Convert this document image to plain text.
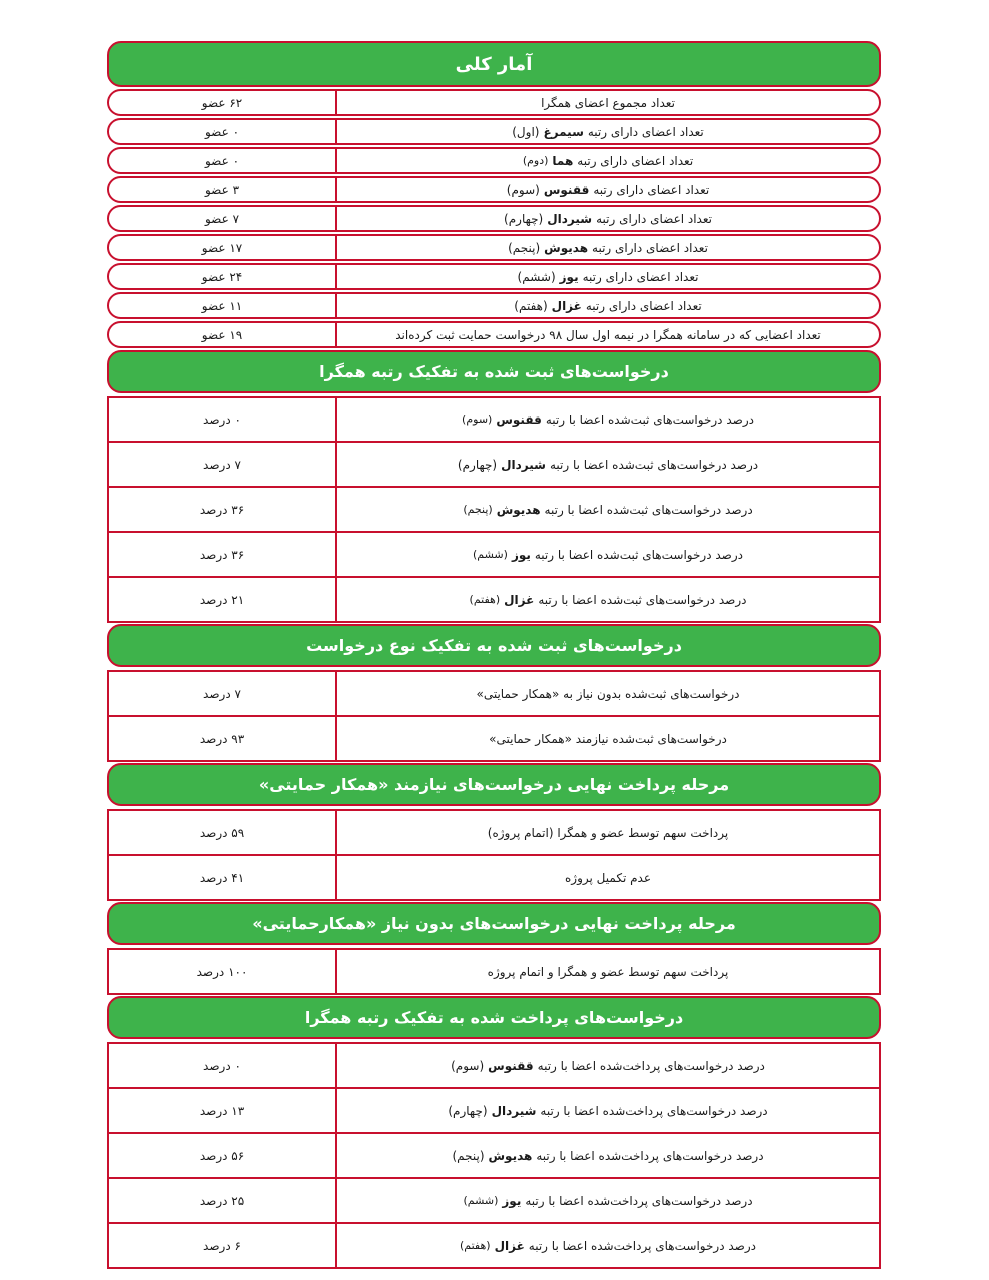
آمار کلی
تعداد مجموع اعضای همگرا
۶۲ عضو
تعداد اعضای دارای رتبه
سیمرغ
(اول)
۰ عضو
تعداد اعضای دارای رتبه
هما
(دوم)
۰ عضو
تعداد اعضای دارای رتبه
ققنوس
(سوم)
۳ عضو
تعداد اعضای دارای رتبه
شیردال
(چهارم)
۷ عضو
تعداد اعضای دارای رتبه
هدیوش
(پنجم)
۱۷ عضو
تعداد اعضای دارای رتبه
یوز
(ششم)
۲۴ عضو
تعداد اعضای دارای رتبه
غزال
(هفتم)
۱۱ عضو
تعداد اعضایی که در سامانه همگرا در نیمه اول سال ۹۸ درخواست حمایت ثبت کرده‌اند
۱۹ عضو
درخواست‌های ثبت شده به تفکیک رتبه همگرا
درصد درخواست‌های ثبت‌شده اعضا با رتبه
ققنوس
(سوم)
۰ درصد
درصد درخواست‌های ثبت‌شده اعضا با رتبه
شیردال
(چهارم)
۷ درصد
درصد درخواست‌های ثبت‌شده اعضا با رتبه
هدیوش
(پنجم)
۳۶ درصد
درصد درخواست‌های ثبت‌شده اعضا با رتبه
یوز
(ششم)
۳۶ درصد
درصد درخواست‌های ثبت‌شده اعضا با رتبه
غزال
(هفتم)
۲۱ درصد
درخواست‌های ثبت شده به تفکیک نوع درخواست
درخواست‌های ثبت‌شده بدون نیاز به «همکار حمایتی»
۷ درصد
درخواست‌های ثبت‌شده نیازمند «همکار حمایتی»
۹۳ درصد
مرحله پرداخت نهایی درخواست‌های نیازمند «همکار حمایتی»
پرداخت سهم توسط عضو و همگرا (اتمام پروژه)
۵۹ درصد
عدم تکمیل پروژه
۴۱ درصد
مرحله پرداخت نهایی درخواست‌های بدون نیاز «همکارحمایتی»
پرداخت سهم توسط عضو و همگرا و اتمام پروژه
۱۰۰ درصد
درخواست‌های پرداخت شده به تفکیک رتبه همگرا
درصد درخواست‌های پرداخت‌شده اعضا با رتبه
ققنوس
(سوم)
۰ درصد
درصد درخواست‌های پرداخت‌شده اعضا با رتبه
شیردال
(چهارم)
۱۳ درصد
درصد درخواست‌های پرداخت‌شده اعضا با رتبه
هدیوش
(پنجم)
۵۶ درصد
درصد درخواست‌های پرداخت‌شده اعضا با رتبه
یوز
(ششم)
۲۵ درصد
درصد درخواست‌های پرداخت‌شده اعضا با رتبه
غزال
(هفتم)
۶ درصد
